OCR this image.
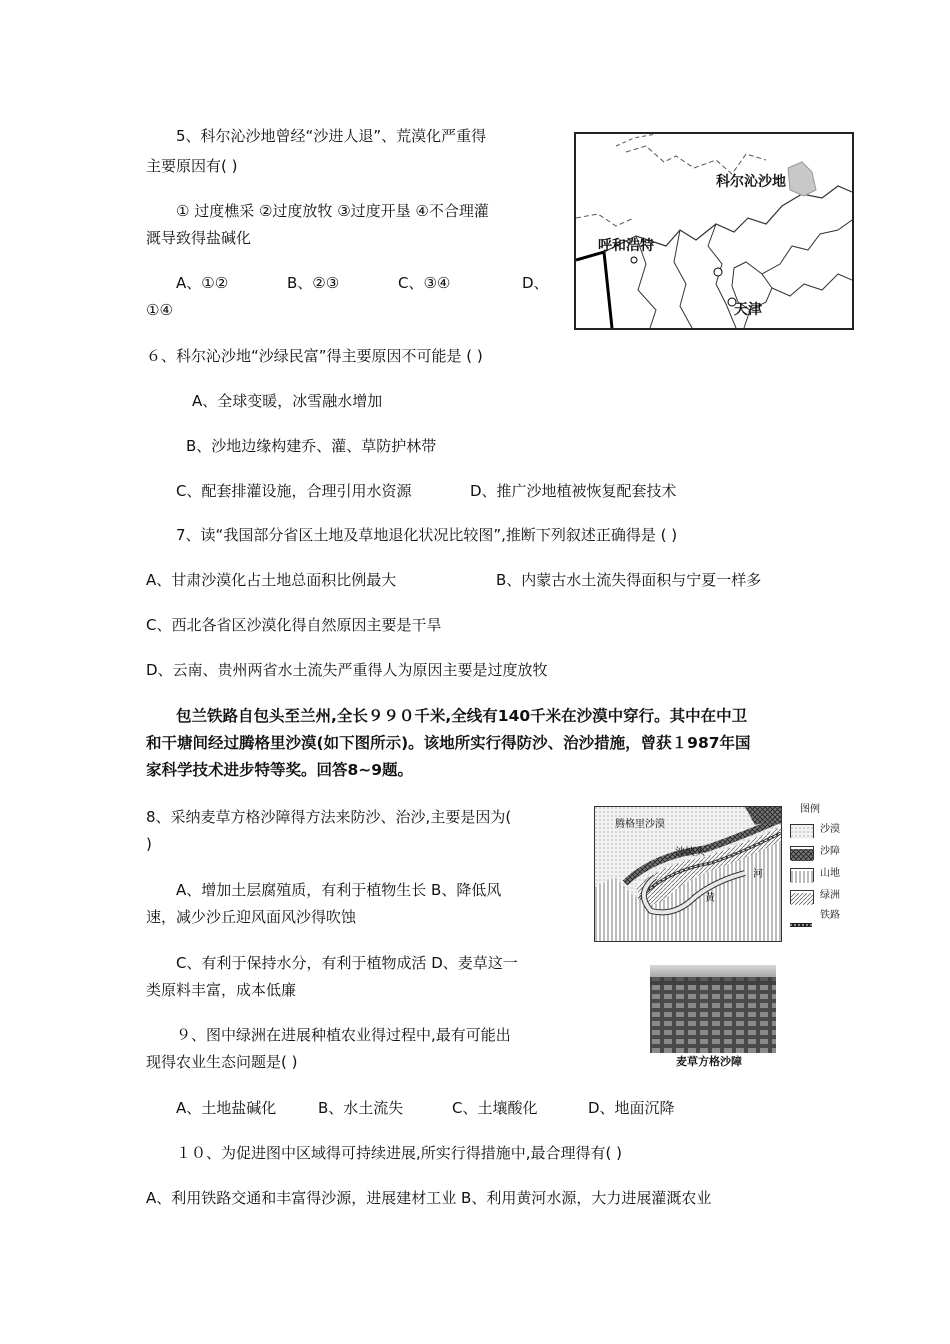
5、科尔沁沙地曾经“沙进人退”、荒漠化严重得
主要原因有( )
① 过度樵采 ②过度放牧 ③过度开垦 ④不合理灌
溉导致得盐碱化
A、①②	B、②③	C、③④	D、
①④
科尔沁沙地
呼和浩特
天津
６、科尔沁沙地“沙绿民富”得主要原因不可能是 ( )
A、全球变暖，冰雪融水增加
B、沙地边缘构建乔、灌、草防护林带
C、配套排灌设施，合理引用水资源	D、推广沙地植被恢复配套技术
7、读“我国部分省区土地及草地退化状况比较图”,推断下列叙述正确得是 ( )
A、甘肃沙漠化占土地总面积比例最大	B、内蒙古水土流失得面积与宁夏一样多
C、西北各省区沙漠化得自然原因主要是干旱
D、云南、贵州两省水土流失严重得人为原因主要是过度放牧
包兰铁路自包头至兰州,全长９９０千米,全线有140千米在沙漠中穿行。其中在中卫
和干塘间经过腾格里沙漠(如下图所示)。该地所实行得防沙、治沙措施，曾获１987年国
家科学技术进步特等奖。回答8~9题。
8、采纳麦草方格沙障得方法来防沙、治沙,主要是因为(
)
A、增加土层腐殖质，有利于植物生长 B、降低风
速，减少沙丘迎风面风沙得吹蚀
C、有利于保持水分，有利于植物成活 D、麦草这一
类原料丰富，成本低廉
腾格里沙漠
沙坡头
黄
河
图例
沙漠
沙障
山地
绿洲
铁路
麦草方格沙障
９、图中绿洲在进展种植农业得过程中,最有可能出
现得农业生态问题是( )
A、土地盐碱化	B、水土流失	C、土壤酸化	D、地面沉降
１０、为促进图中区域得可持续进展,所实行得措施中,最合理得有( )
A、利用铁路交通和丰富得沙源，进展建材工业 B、利用黄河水源，大力进展灌溉农业
